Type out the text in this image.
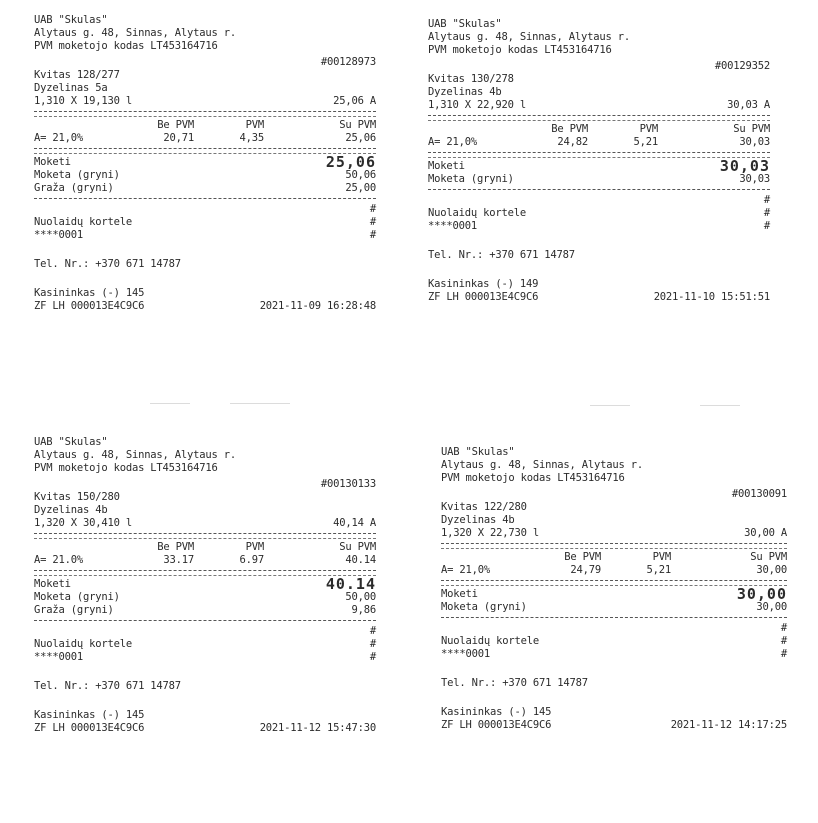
UAB "Skulas"
Alytaus g. 48, Sinnas, Alytaus r.
PVM moketojo kodas LT453164716
#00128973
Kvitas 128/277
Dyzelinas 5a
1,310 X 19,130 l	25,06 A
Be PVM	PVM	Su PVM
A= 21,0%	20,71	4,35	25,06
Moketi	25,06
Moketa (gryni)	50,06
Graža (gryni)	25,00
#
Nuolaidų kortele	#
****0001	#
Tel. Nr.: +370 671 14787
Kasininkas (-) 145
ZF LH 000013E4C9C6	2021-11-09 16:28:48
UAB "Skulas"
Alytaus g. 48, Sinnas, Alytaus r.
PVM moketojo kodas LT453164716
#00129352
Kvitas 130/278
Dyzelinas 4b
1,310 X 22,920 l	30,03 A
Be PVM	PVM	Su PVM
A= 21,0%	24,82	5,21	30,03
Moketi	30,03
Moketa (gryni)	30,03
#
Nuolaidų kortele	#
****0001	#
Tel. Nr.: +370 671 14787
Kasininkas (-) 149
ZF LH 000013E4C9C6	2021-11-10 15:51:51
UAB "Skulas"
Alytaus g. 48, Sinnas, Alytaus r.
PVM moketojo kodas LT453164716
#00130133
Kvitas 150/280
Dyzelinas 4b
1,320 X 30,410 l	40,14 A
Be PVM	PVM	Su PVM
A= 21.0%	33.17	6.97	40.14
Moketi	40.14
Moketa (gryni)	50,00
Graža (gryni)	9,86
#
Nuolaidų kortele	#
****0001	#
Tel. Nr.: +370 671 14787
Kasininkas (-) 145
ZF LH 000013E4C9C6	2021-11-12 15:47:30
UAB "Skulas"
Alytaus g. 48, Sinnas, Alytaus r.
PVM moketojo kodas LT453164716
#00130091
Kvitas 122/280
Dyzelinas 4b
1,320 X 22,730 l	30,00 A
Be PVM	PVM	Su PVM
A= 21,0%	24,79	5,21	30,00
Moketi	30,00
Moketa (gryni)	30,00
#
Nuolaidų kortele	#
****0001	#
Tel. Nr.: +370 671 14787
Kasininkas (-) 145
ZF LH 000013E4C9C6	2021-11-12 14:17:25
